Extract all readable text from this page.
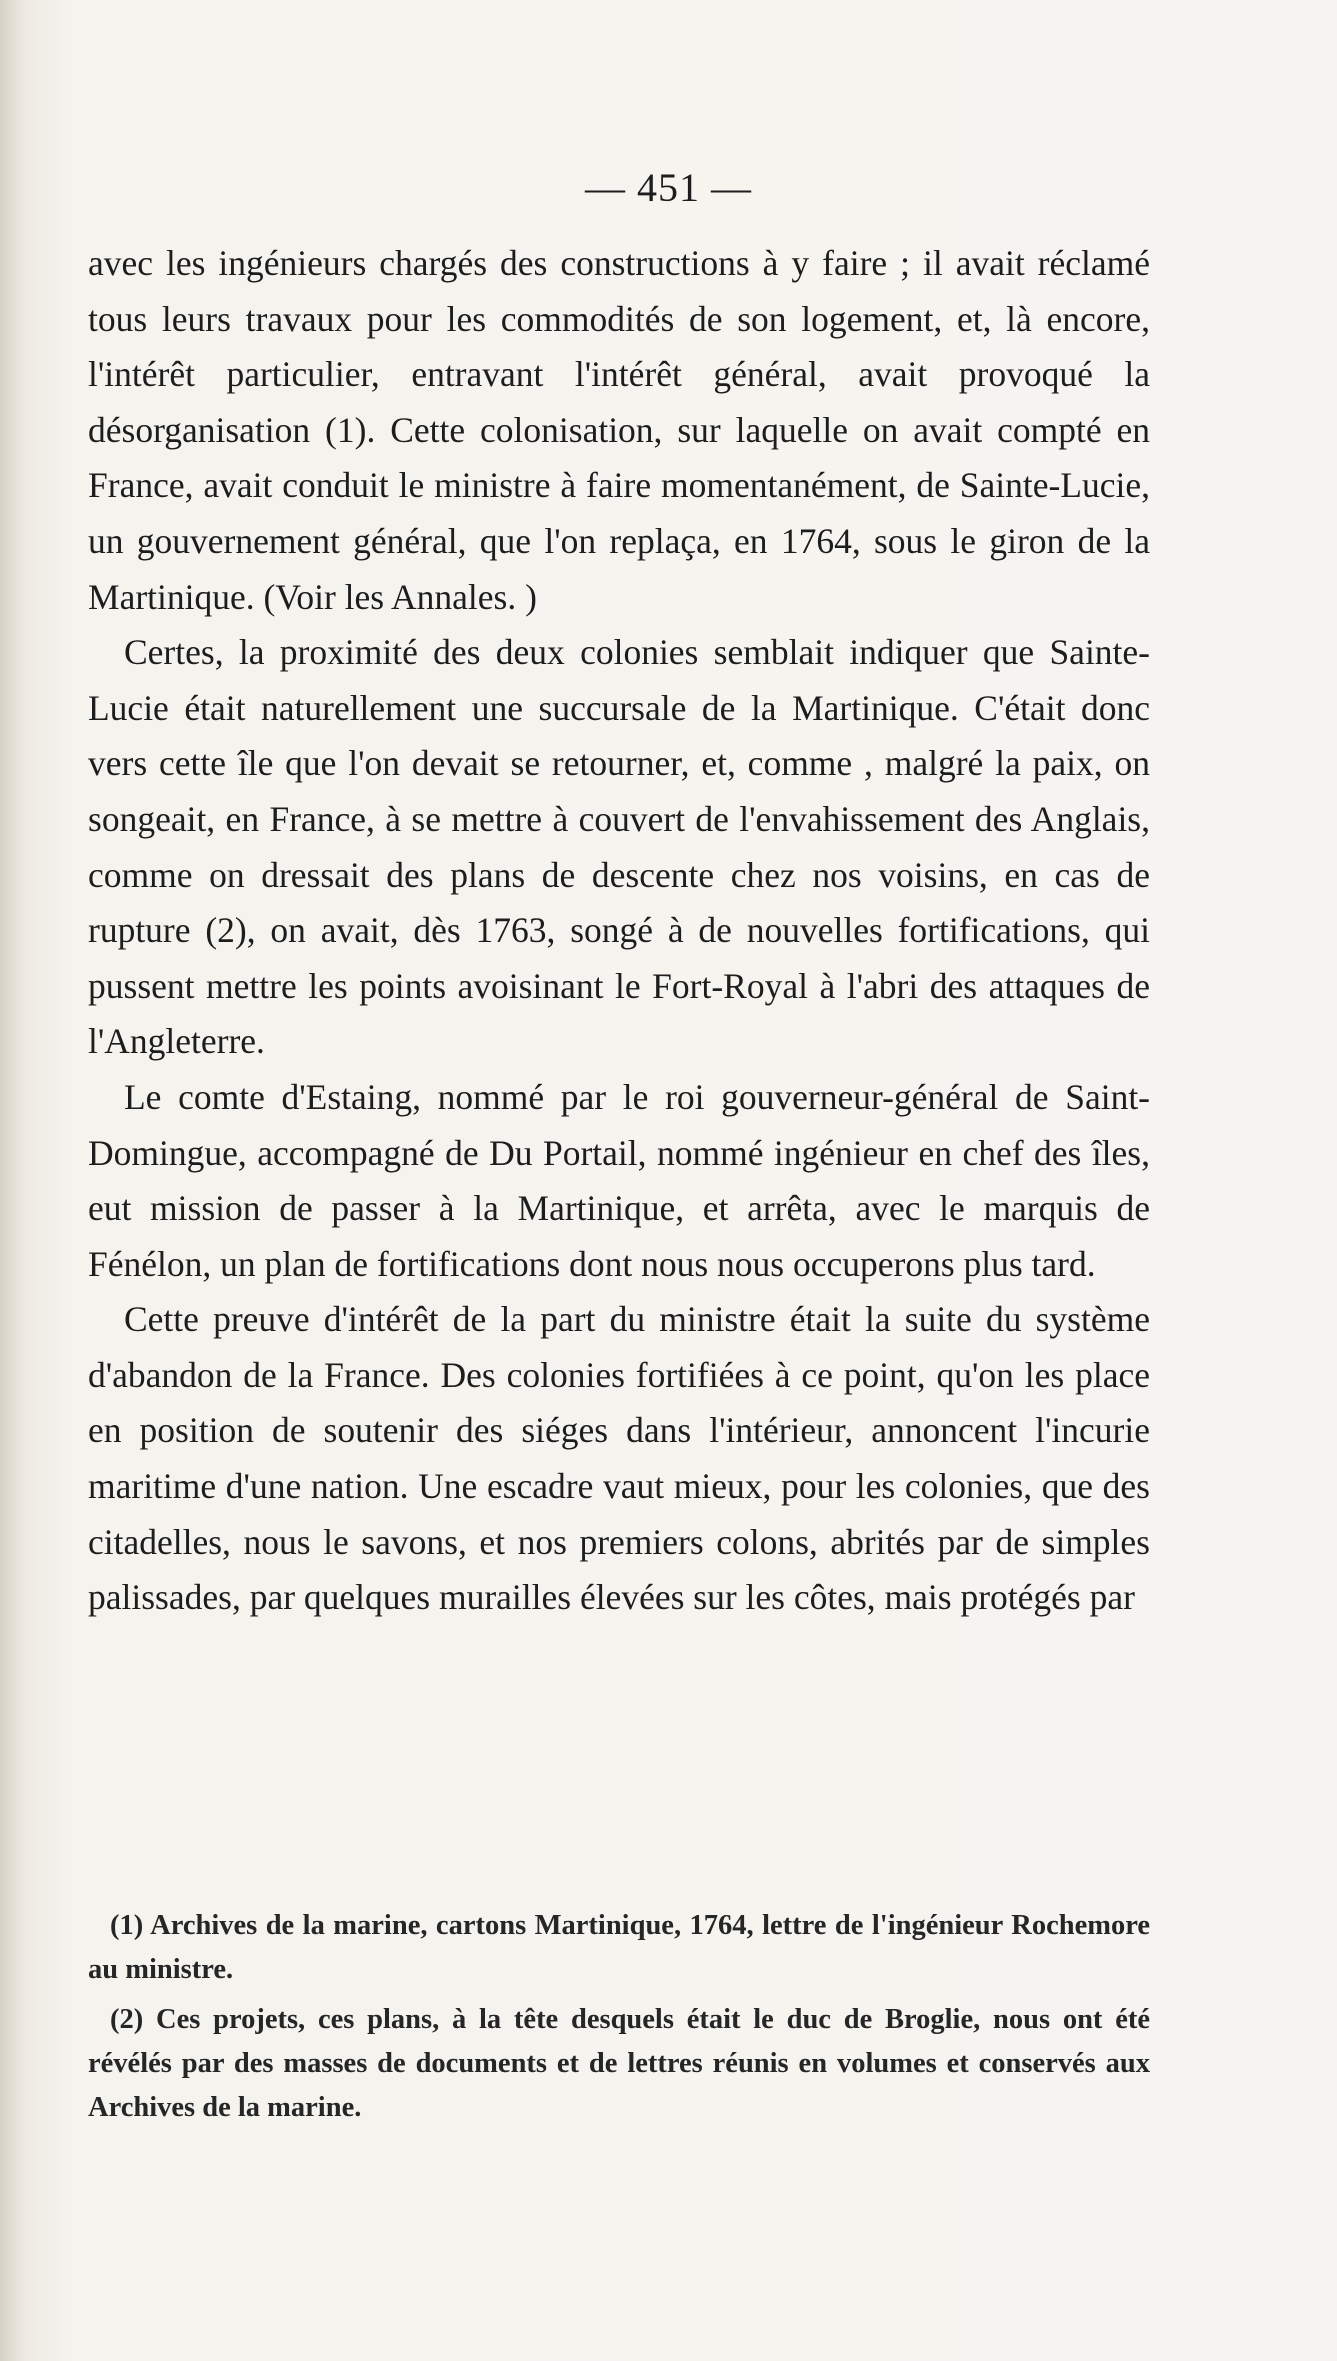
— 451 —

avec les ingénieurs chargés des constructions à y faire ; il avait réclamé tous leurs travaux pour les commodités de son logement, et, là encore, l'intérêt particulier, entravant l'intérêt général, avait provoqué la désorganisation (1). Cette colonisation, sur laquelle on avait compté en France, avait conduit le ministre à faire momentanément, de Sainte-Lucie, un gouvernement général, que l'on replaça, en 1764, sous le giron de la Martinique. (Voir les Annales. )

Certes, la proximité des deux colonies semblait indiquer que Sainte-Lucie était naturellement une succursale de la Martinique. C'était donc vers cette île que l'on devait se retourner, et, comme , malgré la paix, on songeait, en France, à se mettre à couvert de l'envahissement des Anglais, comme on dressait des plans de descente chez nos voisins, en cas de rupture (2), on avait, dès 1763, songé à de nouvelles fortifications, qui pussent mettre les points avoisinant le Fort-Royal à l'abri des attaques de l'Angleterre.

Le comte d'Estaing, nommé par le roi gouverneur-général de Saint-Domingue, accompagné de Du Portail, nommé ingénieur en chef des îles, eut mission de passer à la Martinique, et arrêta, avec le marquis de Fénélon, un plan de fortifications dont nous nous occuperons plus tard.

Cette preuve d'intérêt de la part du ministre était la suite du système d'abandon de la France. Des colonies fortifiées à ce point, qu'on les place en position de soutenir des siéges dans l'intérieur, annoncent l'incurie maritime d'une nation. Une escadre vaut mieux, pour les colonies, que des citadelles, nous le savons, et nos premiers colons, abrités par de simples palissades, par quelques murailles élevées sur les côtes, mais protégés par

(1) Archives de la marine, cartons Martinique, 1764, lettre de l'ingénieur Rochemore au ministre.

(2) Ces projets, ces plans, à la tête desquels était le duc de Broglie, nous ont été révélés par des masses de documents et de lettres réunis en volumes et conservés aux Archives de la marine.
